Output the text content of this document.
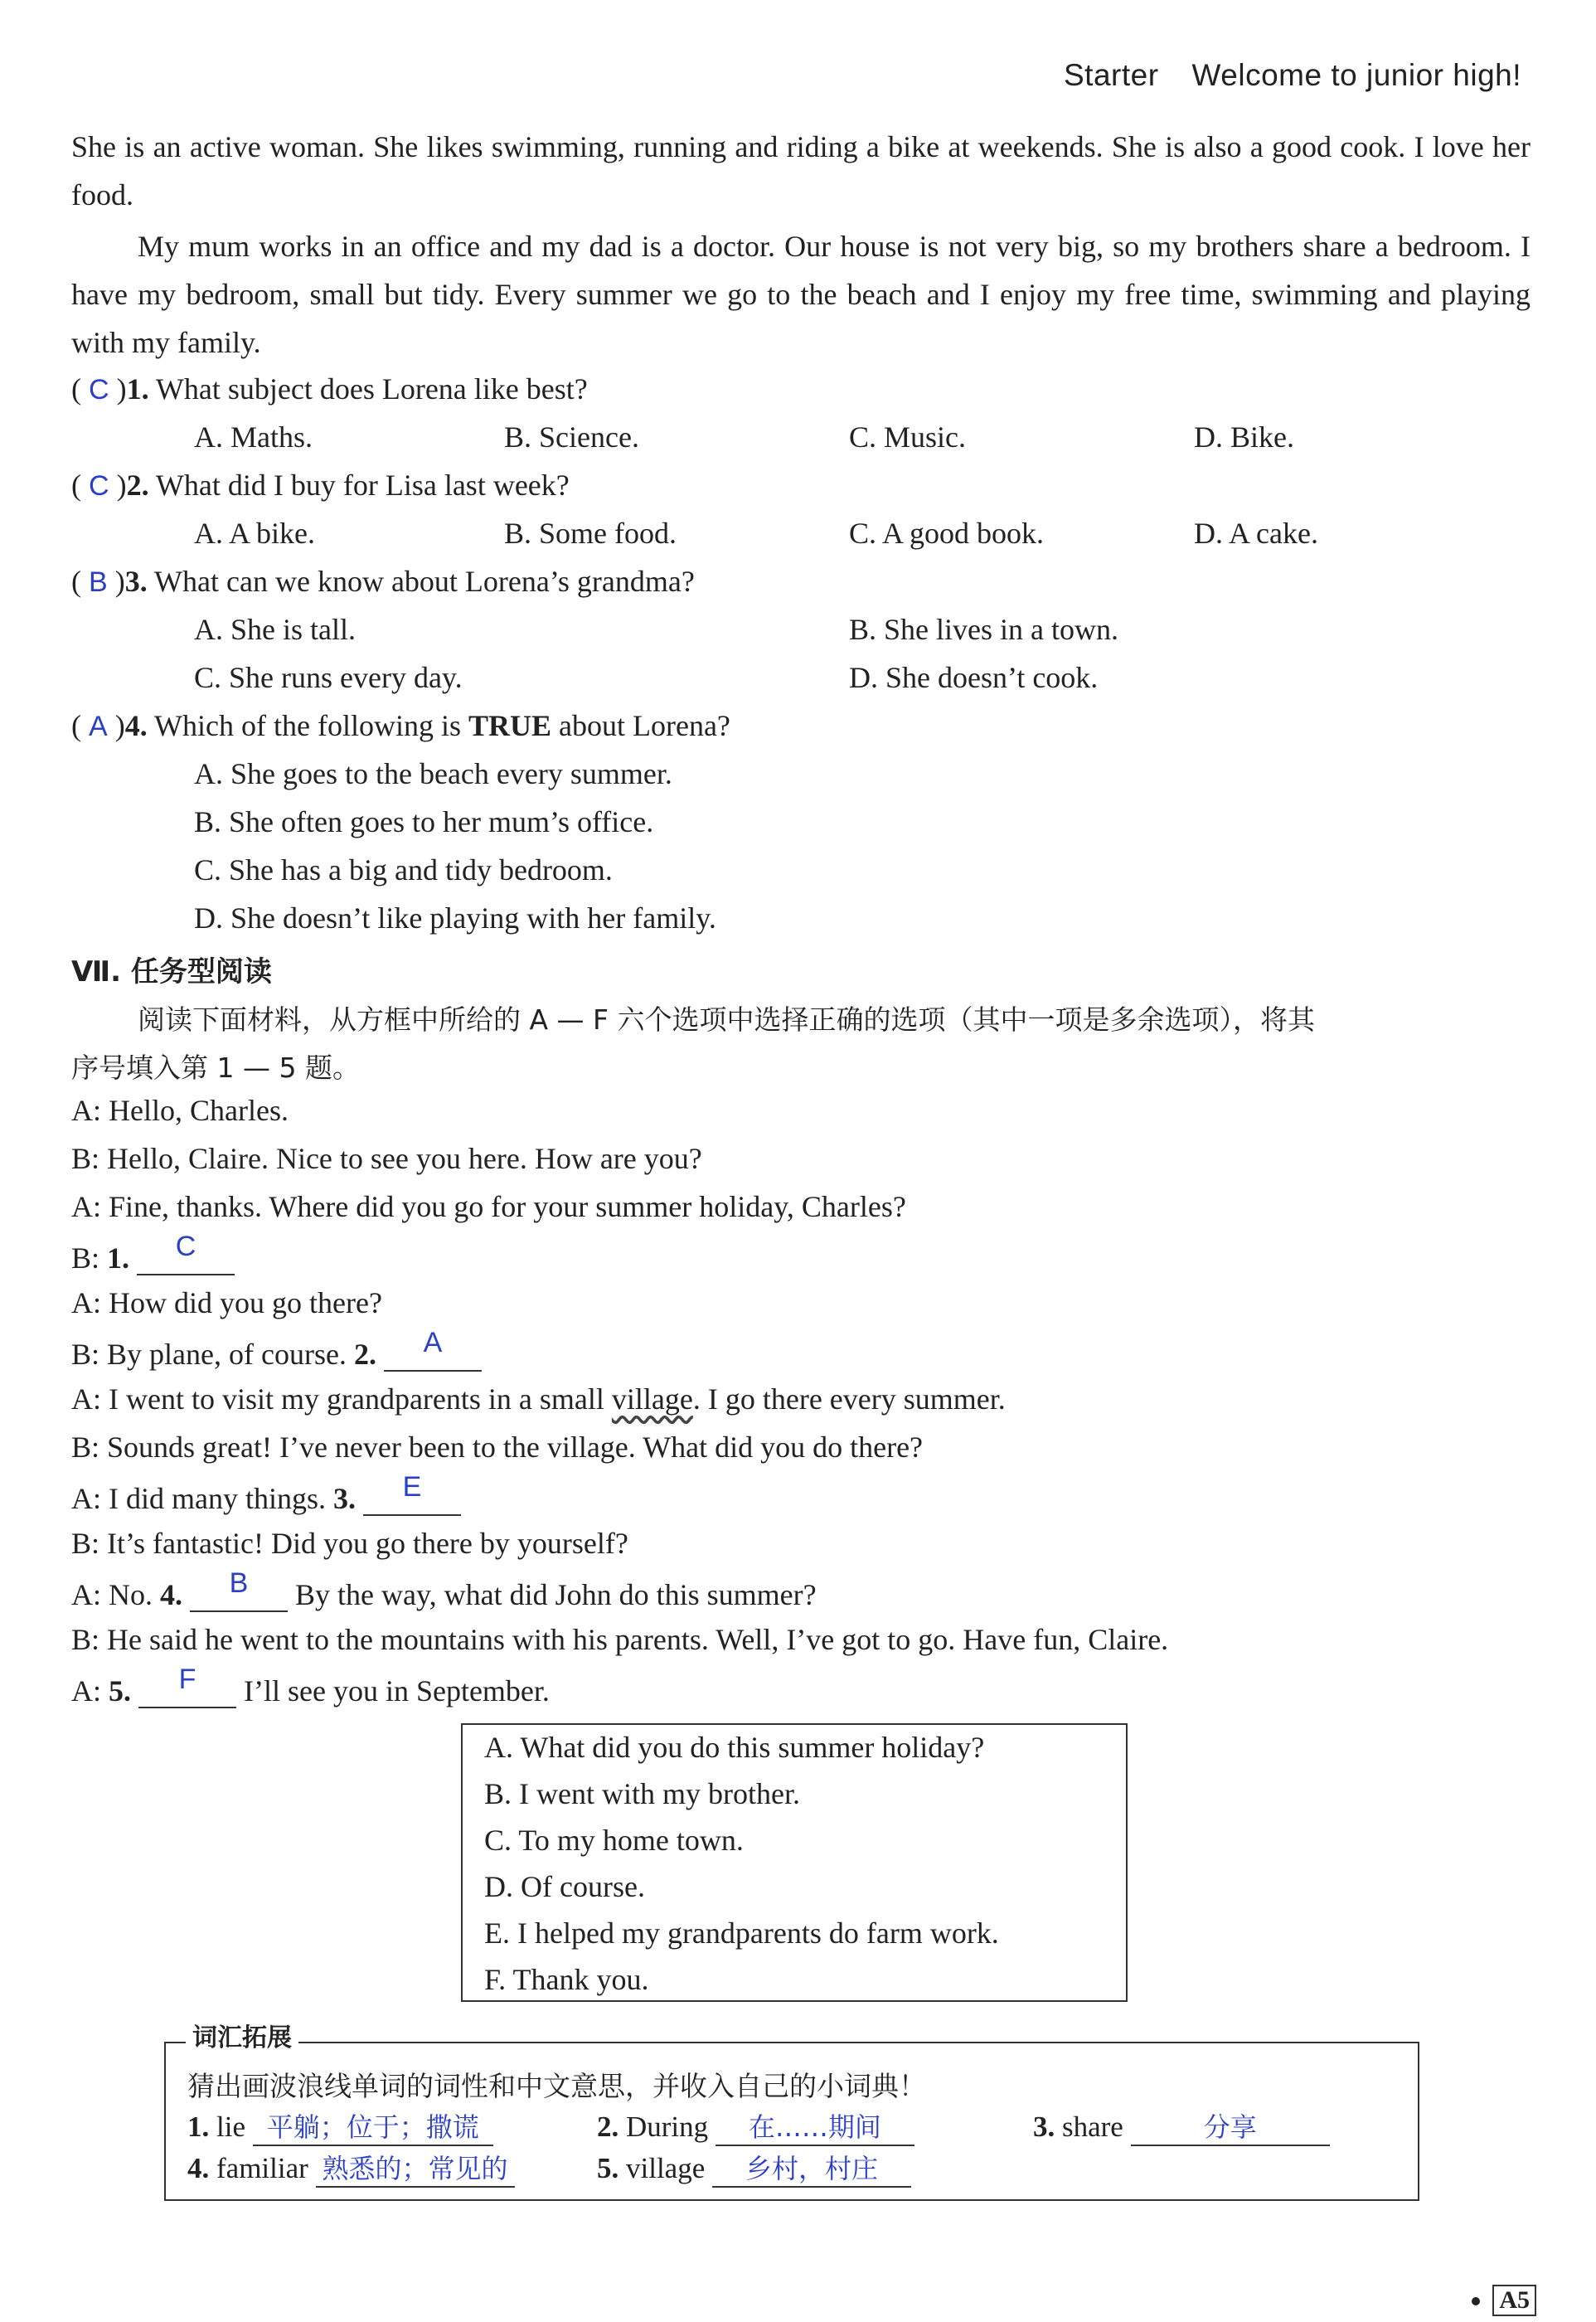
Starter Welcome to junior high!
She is an active woman. She likes swimming, running and riding a bike at weekends. She is also a good cook. I love her food.
My mum works in an office and my dad is a doctor. Our house is not very big, so my brothers share a bedroom. I have my bedroom, small but tidy. Every summer we go to the beach and I enjoy my free time, swimming and playing with my family.
( C )1. What subject does Lorena like best?
A. Maths.	B. Science.	C. Music.	D. Bike.
( C )2. What did I buy for Lisa last week?
A. A bike.	B. Some food.	C. A good book.	D. A cake.
( B )3. What can we know about Lorena’s grandma?
A. She is tall.	B. She lives in a town.
C. She runs every day.	D. She doesn’t cook.
( A )4. Which of the following is TRUE about Lorena?
A. She goes to the beach every summer.
B. She often goes to her mum’s office.
C. She has a big and tidy bedroom.
D. She doesn’t like playing with her family.
Ⅶ. 任务型阅读
阅读下面材料，从方框中所给的 A — F 六个选项中选择正确的选项（其中一项是多余选项），将其
序号填入第 1 — 5 题。
A: Hello, Charles.
B: Hello, Claire. Nice to see you here. How are you?
A: Fine, thanks. Where did you go for your summer holiday, Charles?
B: 1.	C
A: How did you go there?
B: By plane, of course. 2.	A
A: I went to visit my grandparents in a small village. I go there every summer.
B: Sounds great! I’ve never been to the village. What did you do there?
A: I did many things. 3.	E
B: It’s fantastic! Did you go there by yourself?
A: No. 4.	B	By the way, what did John do this summer?
B: He said he went to the mountains with his parents. Well, I’ve got to go. Have fun, Claire.
A: 5.	F	I’ll see you in September.
A. What did you do this summer holiday?
B. I went with my brother.
C. To my home town.
D. Of course.
E. I helped my grandparents do farm work.
F. Thank you.
词汇拓展
猜出画波浪线单词的词性和中文意思，并收入自己的小词典！
1. lie 平躺；位于；撒谎	2. During 在……期间	3. share	分享
4. familiar 熟悉的；常见的	5. village 乡村，村庄
A5
